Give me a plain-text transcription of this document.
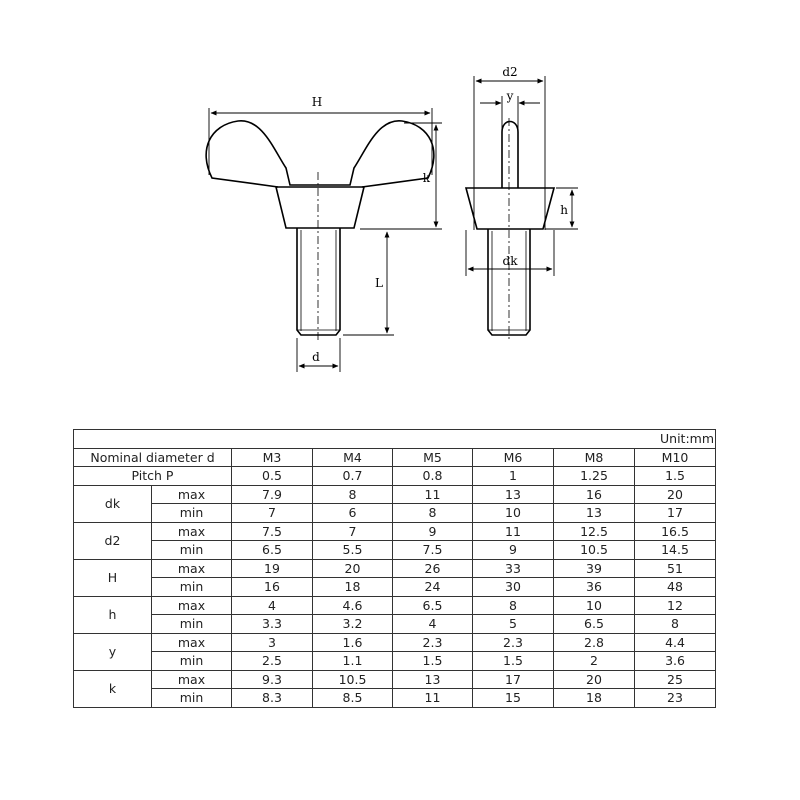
H
k
L
d
d2
y
h
dk
Unit:mm							
Nominal diameter d		M3	M4	M5	M6	M8	M10
Pitch P		0.5	0.7	0.8	1	1.25	1.5
dk	max	7.9	8	11	13	16	20
	min	7	6	8	10	13	17
d2	max	7.5	7	9	11	12.5	16.5
	min	6.5	5.5	7.5	9	10.5	14.5
H	max	19	20	26	33	39	51
	min	16	18	24	30	36	48
h	max	4	4.6	6.5	8	10	12
	min	3.3	3.2	4	5	6.5	8
y	max	3	1.6	2.3	2.3	2.8	4.4
	min	2.5	1.1	1.5	1.5	2	3.6
k	max	9.3	10.5	13	17	20	25
	min	8.3	8.5	11	15	18	23
